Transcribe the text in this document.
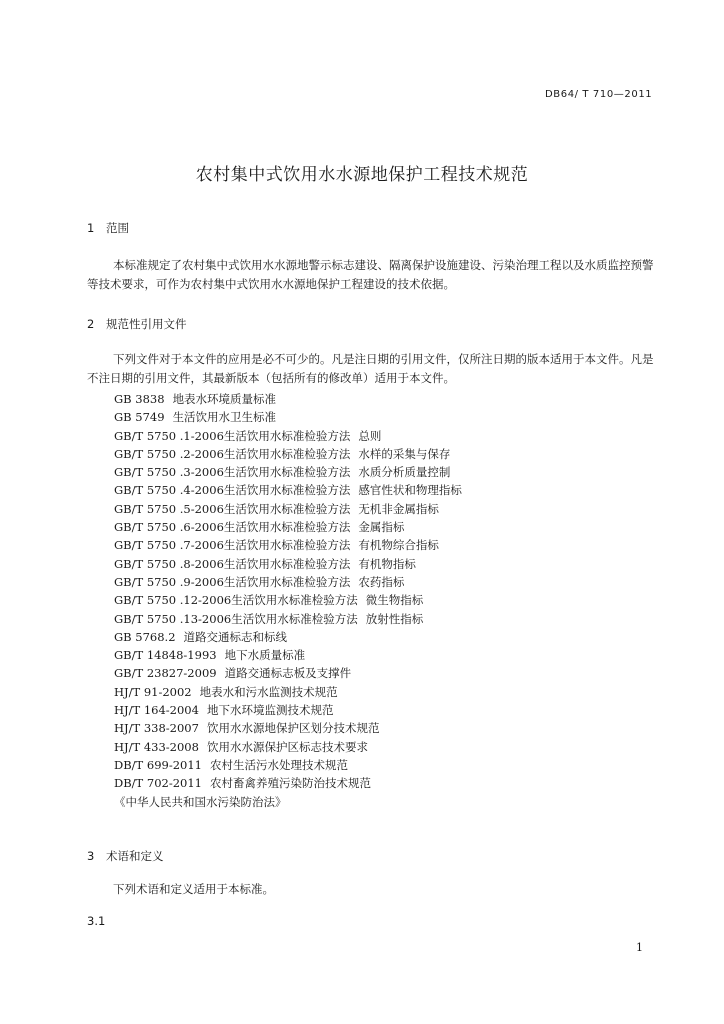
DB64/ T 710—2011
农村集中式饮用水水源地保护工程技术规范
1 范围

本标准规定了农村集中式饮用水水源地警示标志建设、隔离保护设施建设、污染治理工程以及水质监控预警等技术要求，可作为农村集中式饮用水水源地保护工程建设的技术依据。

2 规范性引用文件

下列文件对于本文件的应用是必不可少的。凡是注日期的引用文件，仅所注日期的版本适用于本文件。凡是不注日期的引用文件，其最新版本（包括所有的修改单）适用于本文件。

GB 3838 地表水环境质量标准
GB 5749 生活饮用水卫生标准
GB/T 5750 .1-2006生活饮用水标准检验方法 总则
GB/T 5750 .2-2006生活饮用水标准检验方法 水样的采集与保存
GB/T 5750 .3-2006生活饮用水标准检验方法 水质分析质量控制
GB/T 5750 .4-2006生活饮用水标准检验方法 感官性状和物理指标
GB/T 5750 .5-2006生活饮用水标准检验方法 无机非金属指标
GB/T 5750 .6-2006生活饮用水标准检验方法 金属指标
GB/T 5750 .7-2006生活饮用水标准检验方法 有机物综合指标
GB/T 5750 .8-2006生活饮用水标准检验方法 有机物指标
GB/T 5750 .9-2006生活饮用水标准检验方法 农药指标
GB/T 5750 .12-2006生活饮用水标准检验方法 微生物指标
GB/T 5750 .13-2006生活饮用水标准检验方法 放射性指标
GB 5768.2 道路交通标志和标线
GB/T 14848-1993 地下水质量标准
GB/T 23827-2009 道路交通标志板及支撑件
HJ/T 91-2002 地表水和污水监测技术规范
HJ/T 164-2004 地下水环境监测技术规范
HJ/T 338-2007 饮用水水源地保护区划分技术规范
HJ/T 433-2008 饮用水水源保护区标志技术要求
DB/T 699-2011 农村生活污水处理技术规范
DB/T 702-2011 农村畜禽养殖污染防治技术规范
《中华人民共和国水污染防治法》
3 术语和定义

下列术语和定义适用于本标准。

3.1
1
